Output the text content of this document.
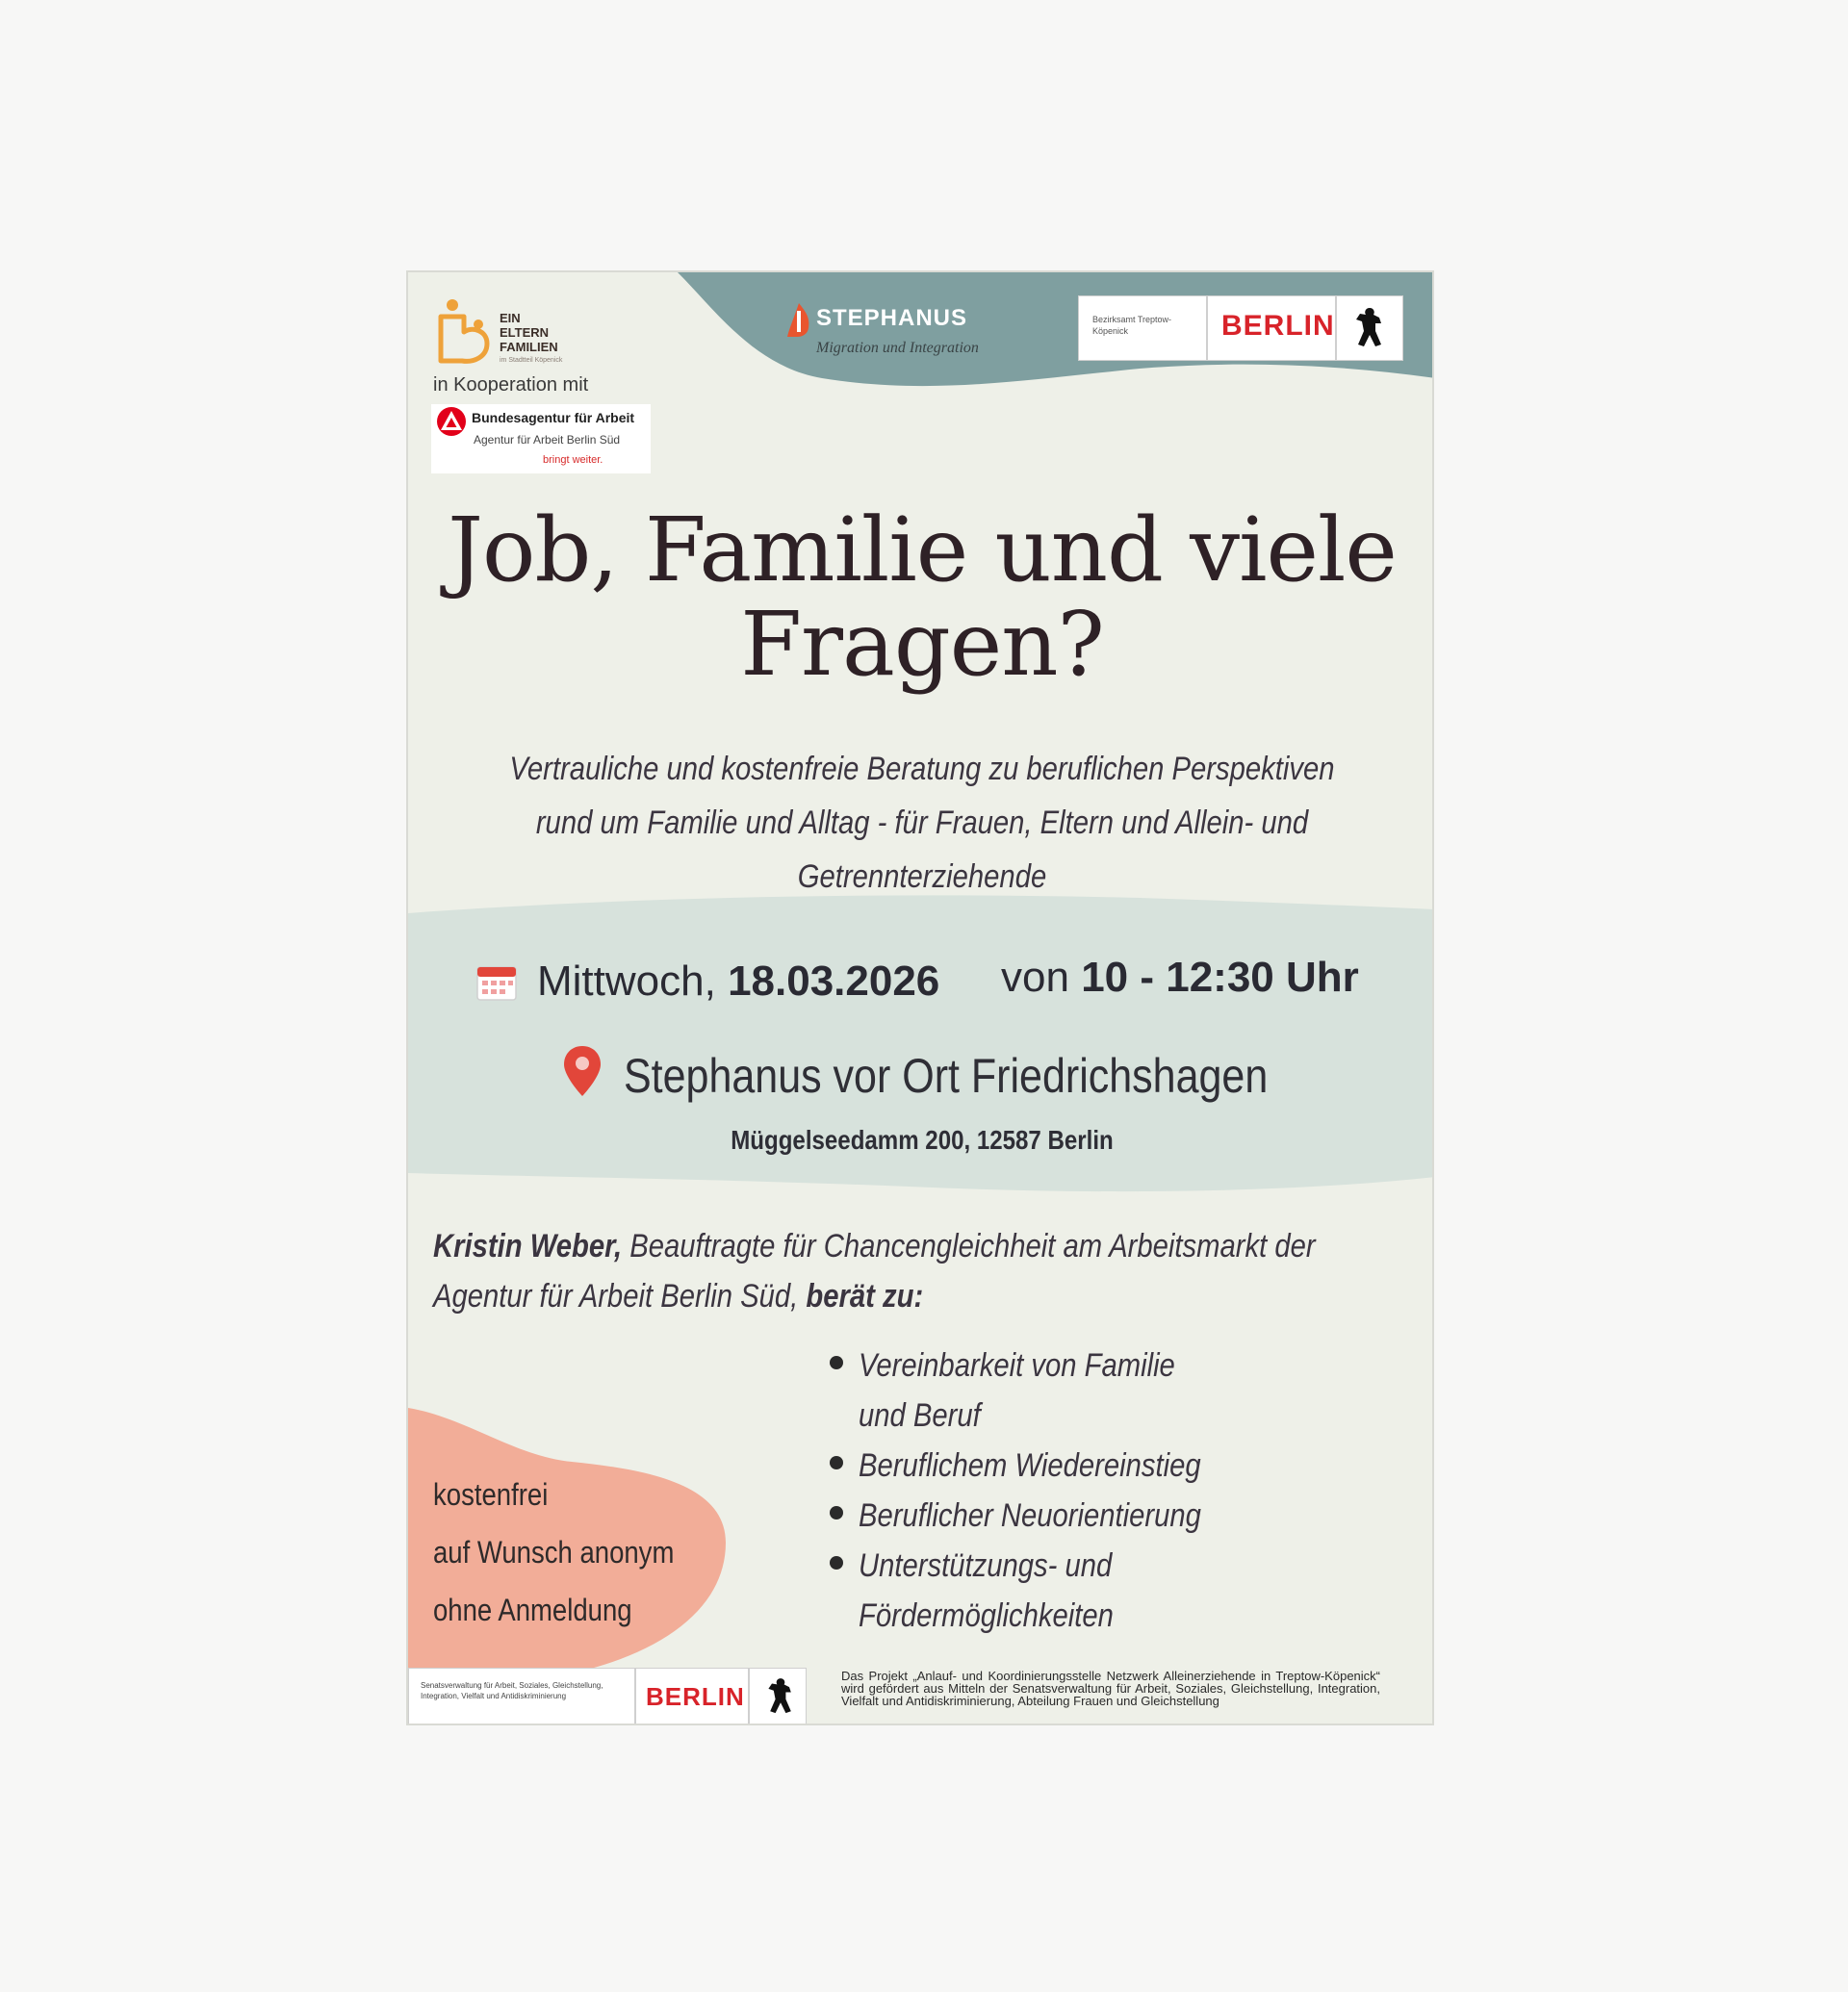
EIN
ELTERN
FAMILIEN
im Stadtteil Köpenick
in Kooperation mit
Bundesagentur für Arbeit
Agentur für Arbeit Berlin Süd
bringt weiter.
STEPHANUS
Migration und Integration
Bezirksamt Treptow-Köpenick	BERLIN
Job, Familie und viele Fragen?
Vertrauliche und kostenfreie Beratung zu beruflichen Perspektiven rund um Familie und Alltag - für Frauen, Eltern und Allein- und Getrennterziehende
Mittwoch, 18.03.2026 von 10 - 12:30 Uhr
Stephanus vor Ort Friedrichshagen
Müggelseedamm 200, 12587 Berlin
Kristin Weber, Beauftragte für Chancengleichheit am Arbeitsmarkt der Agentur für Arbeit Berlin Süd, berät zu:
Vereinbarkeit von Familie und Beruf
Beruflichem Wiedereinstieg
Beruflicher Neuorientierung
Unterstützungs- und Fördermöglichkeiten
kostenfrei
auf Wunsch anonym
ohne Anmeldung
Senatsverwaltung für Arbeit, Soziales, Gleichstellung, Integration, Vielfalt und Antidiskriminierung	BERLIN
Das Projekt „Anlauf- und Koordinierungsstelle Netzwerk Alleinerziehende in Treptow-Köpenick“ wird gefördert aus Mitteln der Senatsverwaltung für Arbeit, Soziales, Gleichstellung, Integration, Vielfalt und Antidiskriminierung, Abteilung Frauen und Gleichstellung
